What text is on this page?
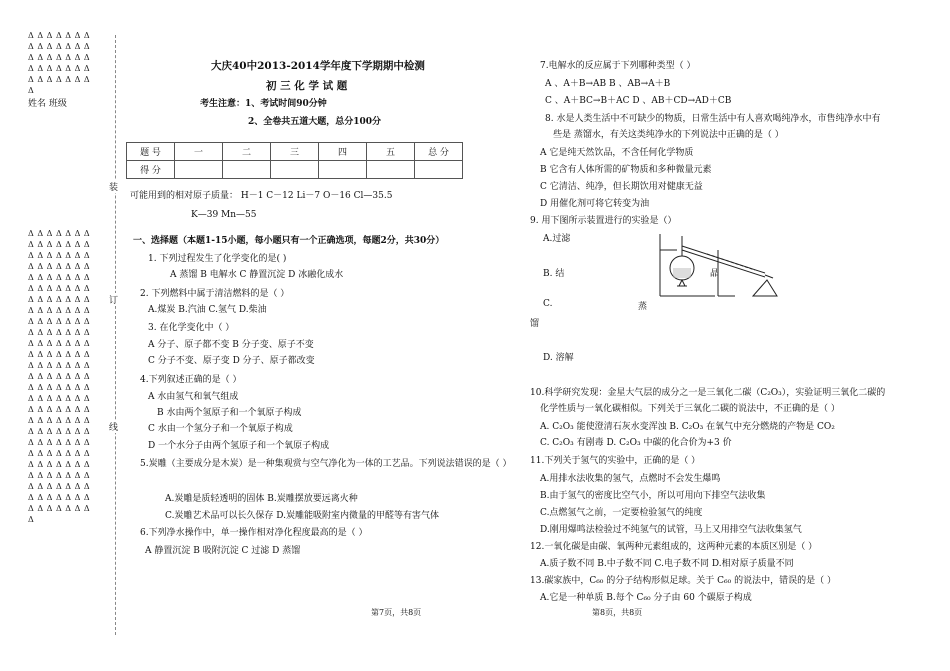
Δ Δ Δ Δ Δ Δ Δ
Δ Δ Δ Δ Δ Δ Δ
Δ Δ Δ Δ Δ Δ Δ
Δ Δ Δ Δ Δ Δ Δ
Δ Δ Δ Δ Δ Δ Δ
Δ
姓名 班级
Δ Δ Δ Δ Δ Δ Δ
Δ Δ Δ Δ Δ Δ Δ
Δ Δ Δ Δ Δ Δ Δ
Δ Δ Δ Δ Δ Δ Δ
Δ Δ Δ Δ Δ Δ Δ
Δ Δ Δ Δ Δ Δ Δ
Δ Δ Δ Δ Δ Δ Δ
Δ Δ Δ Δ Δ Δ Δ
Δ Δ Δ Δ Δ Δ Δ
Δ Δ Δ Δ Δ Δ Δ
Δ Δ Δ Δ Δ Δ Δ
Δ Δ Δ Δ Δ Δ Δ
Δ Δ Δ Δ Δ Δ Δ
Δ Δ Δ Δ Δ Δ Δ
Δ Δ Δ Δ Δ Δ Δ
Δ Δ Δ Δ Δ Δ Δ
Δ Δ Δ Δ Δ Δ Δ
Δ Δ Δ Δ Δ Δ Δ
Δ Δ Δ Δ Δ Δ Δ
Δ Δ Δ Δ Δ Δ Δ
Δ Δ Δ Δ Δ Δ Δ
Δ Δ Δ Δ Δ Δ Δ
Δ Δ Δ Δ Δ Δ Δ
Δ Δ Δ Δ Δ Δ Δ
Δ Δ Δ Δ Δ Δ Δ
Δ Δ Δ Δ Δ Δ Δ
Δ
装
订
线
大庆40中2013-2014学年度下学期期中检测
初 三 化 学 试 题
考生注意：1、考试时间90分钟
2、全卷共五道大题，总分100分
题 号	一	二	三	四	五	总 分
得 分						
可能用到的相对原子质量： H－1 C－12 Li－7 O－16 Cl—35.5
K—39 Mn—55
一、选择题（本题1-15小题，每小题只有一个正确选项，每题2分，共30分）
1. 下列过程发生了化学变化的是( )
A 蒸馏 B 电解水 C 静置沉淀 D 冰融化成水
2. 下列燃料中属于清洁燃料的是（ ）
A.煤炭 B.汽油 C.氢气 D.柴油
3. 在化学变化中（ ）
A 分子、原子都不变 B 分子变、原子不变
C 分子不变、原子变 D 分子、原子都改变
4.下列叙述正确的是（ ）
A 水由氢气和氧气组成
B 水由两个氢原子和一个氧原子构成
C 水由一个氢分子和一个氧原子构成
D 一个水分子由两个氢原子和一个氧原子构成
5.炭雕（主要成分是木炭）是一种集观赏与空气净化为一体的工艺品。下列说法错误的是（ ）
A.炭雕是质轻透明的固体 B.炭雕摆放要远离火种
C.炭雕艺术品可以长久保存 D.炭雕能吸附室内微量的甲醛等有害气体
6.下列净水操作中，单一操作相对净化程度最高的是（ ）
A 静置沉淀 B 吸附沉淀 C 过滤 D 蒸馏
7.电解水的反应属于下列哪种类型（ ）
A 、A＋B→AB B 、AB→A＋B
C 、A＋BC→B＋AC D 、AB＋CD→AD＋CB
8. 水是人类生活中不可缺少的物质，日常生活中有人喜欢喝纯净水，市售纯净水中有
些是 蒸馏水，有关这类纯净水的下列说法中正确的是（ ）
A 它是纯天然饮品，不含任何化学物质
B 它含有人体所需的矿物质和多种微量元素
C 它清洁、纯净，但长期饮用对健康无益
D 用催化剂可将它转变为油
9. 用下图所示装置进行的实验是（）
A.过滤
B. 结	晶
C.	蒸
馏
D. 溶解
10.科学研究发现：金星大气层的成分之一是三氧化二碳（C₂O₃），实验证明三氧化二碳的
化学性质与一氧化碳相似。下列关于三氧化二碳的说法中，不正确的是（ ）
A. C₂O₃ 能使澄清石灰水变浑浊 B. C₂O₃ 在氧气中充分燃烧的产物是 CO₂
C. C₂O₃ 有剧毒 D. C₂O₃ 中碳的化合价为+3 价
11.下列关于氢气的实验中，正确的是（ ）
A.用排水法收集的氢气，点燃时不会发生爆鸣
B.由于氢气的密度比空气小，所以可用向下排空气法收集
C.点燃氢气之前，一定要检验氢气的纯度
D.刚用爆鸣法检验过不纯氢气的试管，马上又用排空气法收集氢气
12.一氧化碳是由碳、氧两种元素组成的，这两种元素的本质区别是（ ）
A.质子数不同 B.中子数不同 C.电子数不同 D.相对原子质量不同
13.碳家族中，C₆₀ 的分子结构形似足球。关于 C₆₀ 的说法中，错误的是（ ）
A.它是一种单质 B.每个 C₆₀ 分子由 60 个碳原子构成
第7页，共8页	第8页，共8页
